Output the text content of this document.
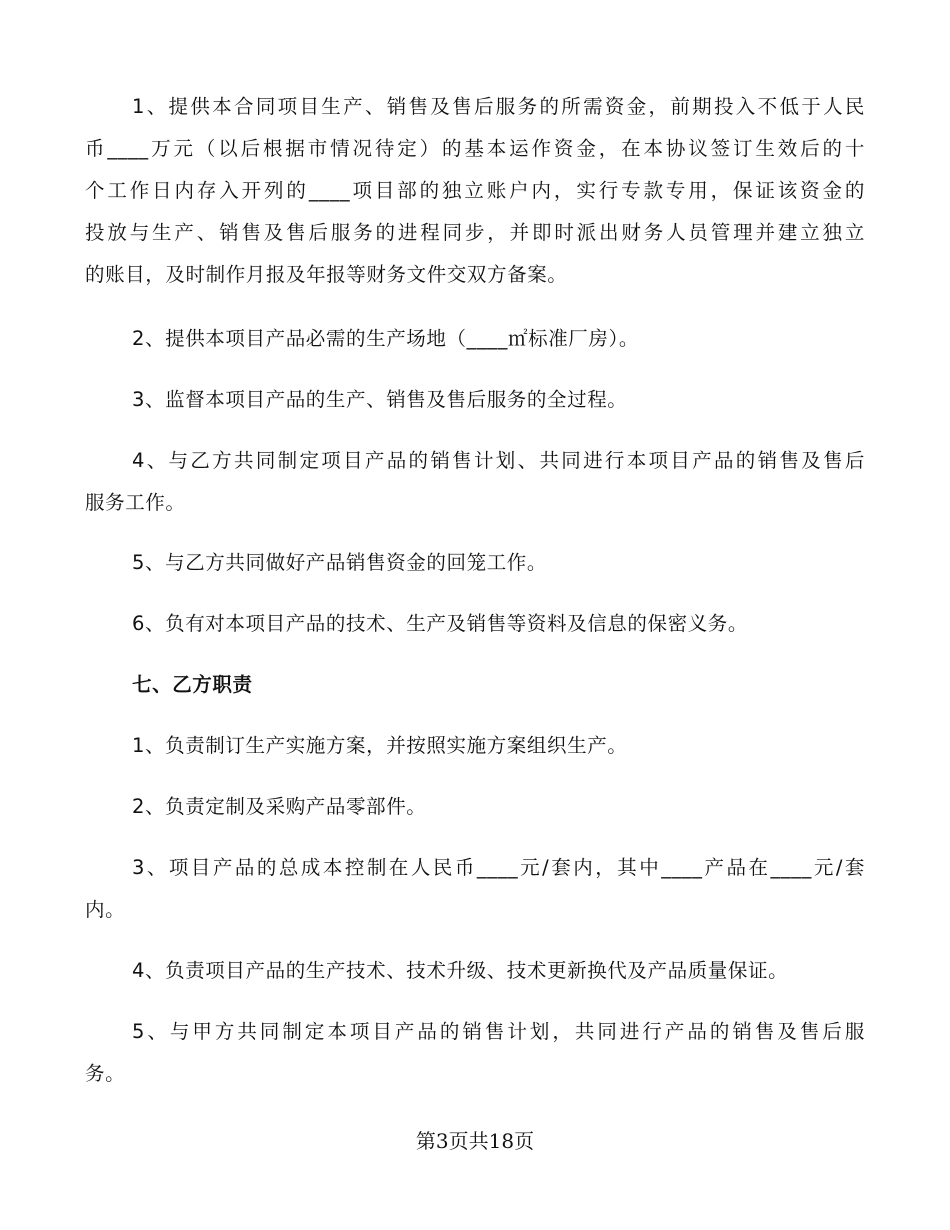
1、提供本合同项目生产、销售及售后服务的所需资金，前期投入不低于人民
币____万元（以后根据市情况待定）的基本运作资金，在本协议签订生效后的十
个工作日内存入开列的____项目部的独立账户内，实行专款专用，保证该资金的
投放与生产、销售及售后服务的进程同步，并即时派出财务人员管理并建立独立
的账目，及时制作月报及年报等财务文件交双方备案。

2、提供本项目产品必需的生产场地（____㎡标准厂房）。

3、监督本项目产品的生产、销售及售后服务的全过程。

4、与乙方共同制定项目产品的销售计划、共同进行本项目产品的销售及售后
服务工作。

5、与乙方共同做好产品销售资金的回笼工作。

6、负有对本项目产品的技术、生产及销售等资料及信息的保密义务。

七、乙方职责

1、负责制订生产实施方案，并按照实施方案组织生产。

2、负责定制及采购产品零部件。

3、项目产品的总成本控制在人民币____元/套内，其中____产品在____元/套
内。

4、负责项目产品的生产技术、技术升级、技术更新换代及产品质量保证。

5、与甲方共同制定本项目产品的销售计划，共同进行产品的销售及售后服
务。

第3页共18页
